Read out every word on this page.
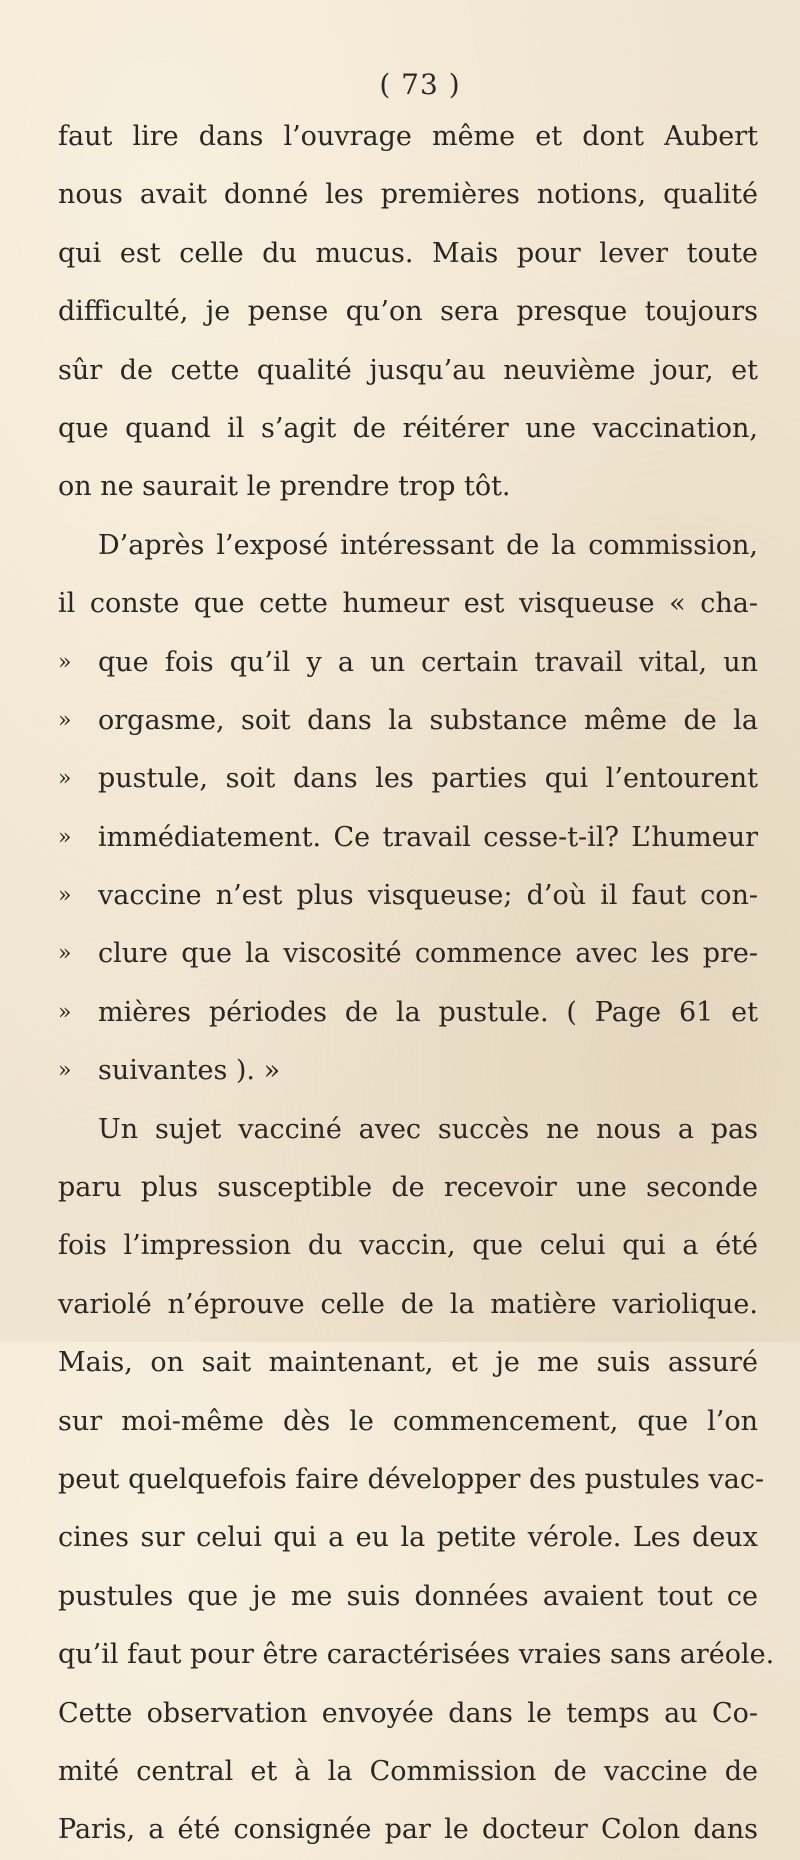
( 73 )
faut lire dans l’ouvrage même et dont Aubert
nous avait donné les premières notions, qualité
qui est celle du mucus. Mais pour lever toute
difficulté, je pense qu’on sera presque toujours
sûr de cette qualité jusqu’au neuvième jour, et
que quand il s’agit de réitérer une vaccination,
on ne saurait le prendre trop tôt.
D’après l’exposé intéressant de la commission,
il conste que cette humeur est visqueuse « cha-
» que fois qu’il y a un certain travail vital, un
» orgasme, soit dans la substance même de la
» pustule, soit dans les parties qui l’entourent
» immédiatement. Ce travail cesse-t-il? L’humeur
» vaccine n’est plus visqueuse; d’où il faut con-
» clure que la viscosité commence avec les pre-
» mières périodes de la pustule. ( Page 61 et
» suivantes ). »
Un sujet vacciné avec succès ne nous a pas
paru plus susceptible de recevoir une seconde
fois l’impression du vaccin, que celui qui a été
variolé n’éprouve celle de la matière variolique.
Mais, on sait maintenant, et je me suis assuré
sur moi-même dès le commencement, que l’on
peut quelquefois faire développer des pustules vac-
cines sur celui qui a eu la petite vérole. Les deux
pustules que je me suis données avaient tout ce
qu’il faut pour être caractérisées vraies sans aréole.
Cette observation envoyée dans le temps au Co-
mité central et à la Commission de vaccine de
Paris, a été consignée par le docteur Colon dans
